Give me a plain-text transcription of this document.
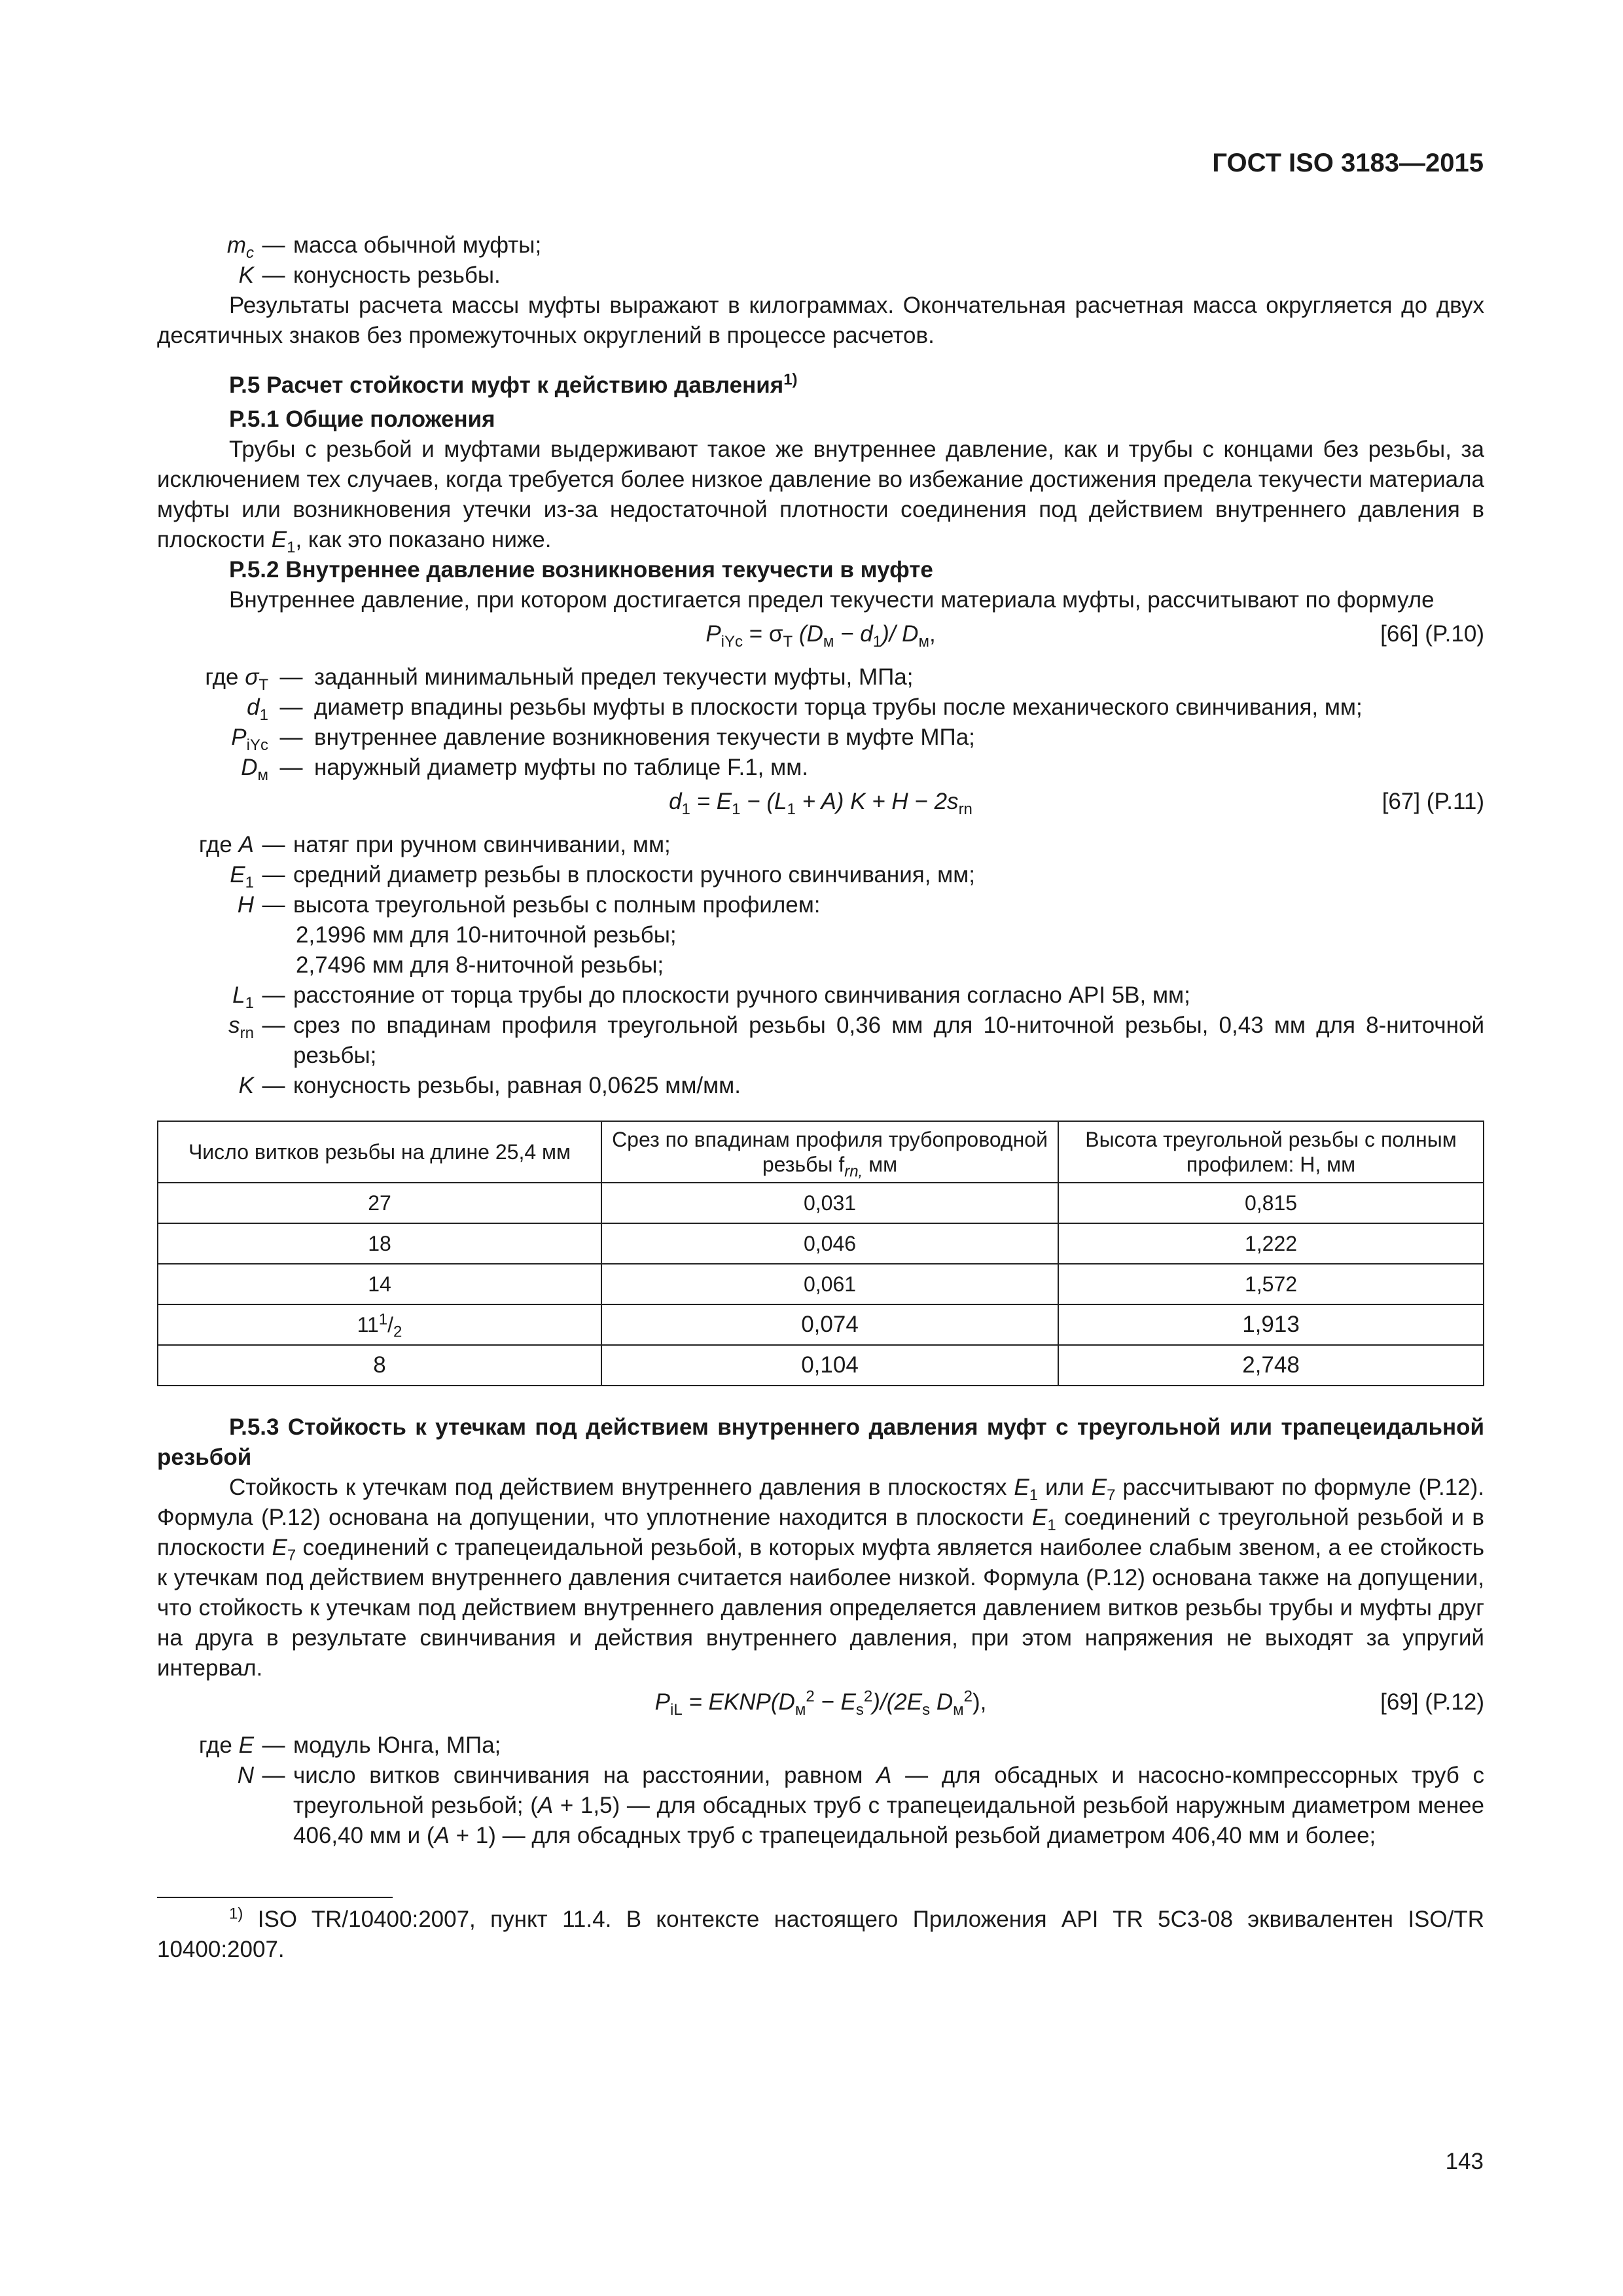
ГОСТ ISO 3183—2015
$m_c$ — масса обычной муфты;
K — конусность резьбы.

Результаты расчета массы муфты выражают в килограммах. Окончательная расчетная масса округляется до двух десятичных знаков без промежуточных округлений в процессе расчетов.

Р.5 Расчет стойкости муфт к действию давления$^{1)}$

Р.5.1 Общие положения

Трубы с резьбой и муфтами выдерживают такое же внутреннее давление, как и трубы с концами без резьбы, за исключением тех случаев, когда требуется более низкое давление во избежание достижения предела текучести материала муфты или возникновения утечки из-за недостаточной плотности соединения под действием внутреннего давления в плоскости $E_1$, как это показано ниже.

Р.5.2 Внутреннее давление возникновения текучести в муфте

Внутреннее давление, при котором достигается предел текучести материала муфты, рассчитывают по формуле

$P_{iYc} = \sigma_T$ $(D_м - d_1)/$ $D_м$,	[66] (P.10)
где $\sigma_T$ — заданный минимальный предел текучести муфты, МПа;
$d_1$ — диаметр впадины резьбы муфты в плоскости торца трубы после механического свинчивания, мм;
$P_{iYc}$ — внутреннее давление возникновения текучести в муфте МПа;
$D_м$ — наружный диаметр муфты по таблице F.1, мм.
$d_1 = E_1 - (L_1 + A) K + H - 2s_{rn}$	[67] (P.11)
где A — натяг при ручном свинчивании, мм;
$E_1$ — средний диаметр резьбы в плоскости ручного свинчивания, мм;
H — высота треугольной резьбы с полным профилем:
2,1996 мм для 10-ниточной резьбы;
2,7496 мм для 8-ниточной резьбы;
$L_1$ — расстояние от торца трубы до плоскости ручного свинчивания согласно API 5B, мм;
$s_{rn}$ — срез по впадинам профиля треугольной резьбы 0,36 мм для 10-ниточной резьбы, 0,43 мм для 8-ниточной резьбы;
K — конусность резьбы, равная 0,0625 мм/мм.
Число витков резьбы на длине 25,4 мм	Срез по впадинам профиля трубопроводной резьбы $f_{rn,}$ мм	Высота треугольной резьбы с полным профилем: H, мм
27	0,031	0,815
18	0,046	1,222
14	0,061	1,572
$11^1/_2$	0,074	1,913
8	0,104	2,748

Р.5.3 Стойкость к утечкам под действием внутреннего давления муфт с треугольной или трапецеидальной резьбой

Стойкость к утечкам под действием внутреннего давления в плоскостях $E_1$ или $E_7$ рассчитывают по формуле (P.12). Формула (P.12) основана на допущении, что уплотнение находится в плоскости $E_1$ соединений с треугольной резьбой и в плоскости $E_7$ соединений с трапецеидальной резьбой, в которых муфта является наиболее слабым звеном, а ее стойкость к утечкам под действием внутреннего давления считается наиболее низкой. Формула (P.12) основана также на допущении, что стойкость к утечкам под действием внутреннего давления определяется давлением витков резьбы трубы и муфты друг на друга в результате свинчивания и действия внутреннего давления, при этом напряжения не выходят за упругий интервал.

$P_{iL}$ = $EKNP(D_м^2 - E_s^2)/(2E_s$ $D_м^2$),	[69] (P.12)
где E — модуль Юнга, МПа;
N — число витков свинчивания на расстоянии, равном A — для обсадных и насосно-компрессорных труб с треугольной резьбой; (A + 1,5) — для обсадных труб с трапецеидальной резьбой наружным диаметром менее 406,40 мм и (A + 1) — для обсадных труб с трапецеидальной резьбой диаметром 406,40 мм и более;

$^{1)}$ ISO TR/10400:2007, пункт 11.4. В контексте настоящего Приложения API TR 5C3-08 эквивалентен ISO/TR 10400:2007.

143
